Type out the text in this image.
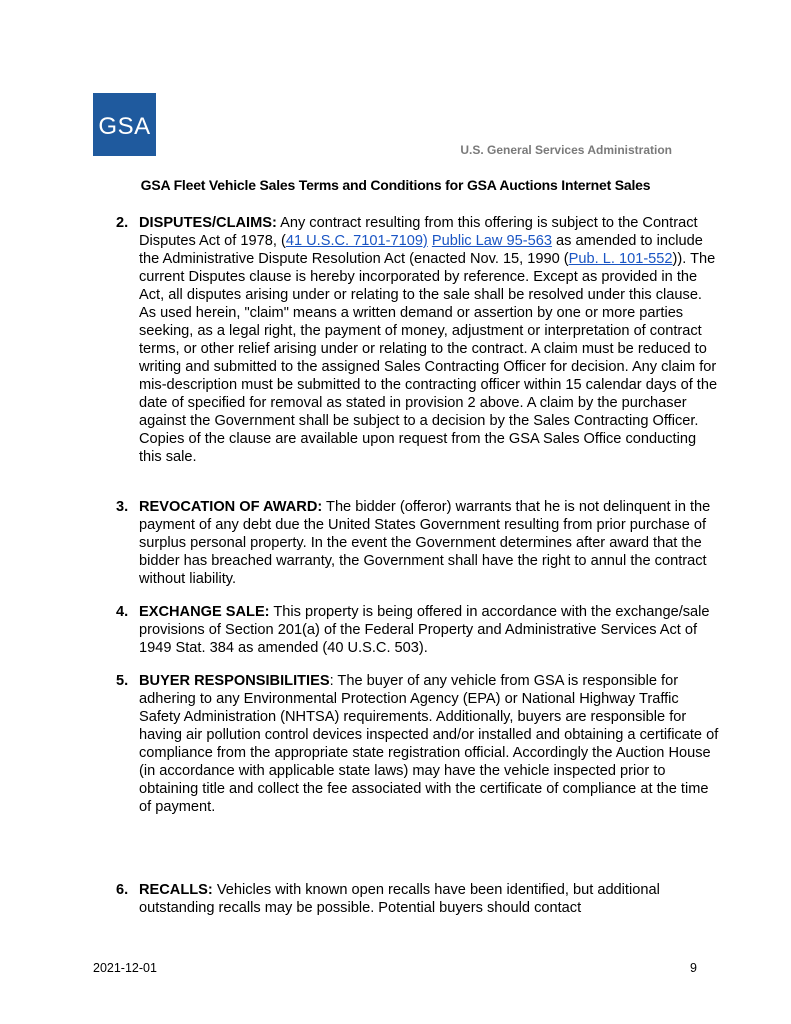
GSA
U.S. General Services Administration
GSA Fleet Vehicle Sales Terms and Conditions for GSA Auctions Internet Sales
2. DISPUTES/CLAIMS: Any contract resulting from this offering is subject to the Contract Disputes Act of 1978, (41 U.S.C. 7101-7109) Public Law 95-563 as amended to include the Administrative Dispute Resolution Act (enacted Nov. 15, 1990 (Pub. L. 101-552)). The current Disputes clause is hereby incorporated by reference. Except as provided in the Act, all disputes arising under or relating to the sale shall be resolved under this clause. As used herein, "claim" means a written demand or assertion by one or more parties seeking, as a legal right, the payment of money, adjustment or interpretation of contract terms, or other relief arising under or relating to the contract. A claim must be reduced to writing and submitted to the assigned Sales Contracting Officer for decision. Any claim for mis-description must be submitted to the contracting officer within 15 calendar days of the date of specified for removal as stated in provision 2 above. A claim by the purchaser against the Government shall be subject to a decision by the Sales Contracting Officer. Copies of the clause are available upon request from the GSA Sales Office conducting this sale.

3. REVOCATION OF AWARD: The bidder (offeror) warrants that he is not delinquent in the payment of any debt due the United States Government resulting from prior purchase of surplus personal property. In the event the Government determines after award that the bidder has breached warranty, the Government shall have the right to annul the contract without liability.

4. EXCHANGE SALE: This property is being offered in accordance with the exchange/sale provisions of Section 201(a) of the Federal Property and Administrative Services Act of 1949 Stat. 384 as amended (40 U.S.C. 503).

5. BUYER RESPONSIBILITIES: The buyer of any vehicle from GSA is responsible for adhering to any Environmental Protection Agency (EPA) or National Highway Traffic Safety Administration (NHTSA) requirements. Additionally, buyers are responsible for having air pollution control devices inspected and/or installed and obtaining a certificate of compliance from the appropriate state registration official. Accordingly the Auction House (in accordance with applicable state laws) may have the vehicle inspected prior to obtaining title and collect the fee associated with the certificate of compliance at the time of payment.

6. RECALLS: Vehicles with known open recalls have been identified, but additional outstanding recalls may be possible. Potential buyers should contact

2021-12-01	9
